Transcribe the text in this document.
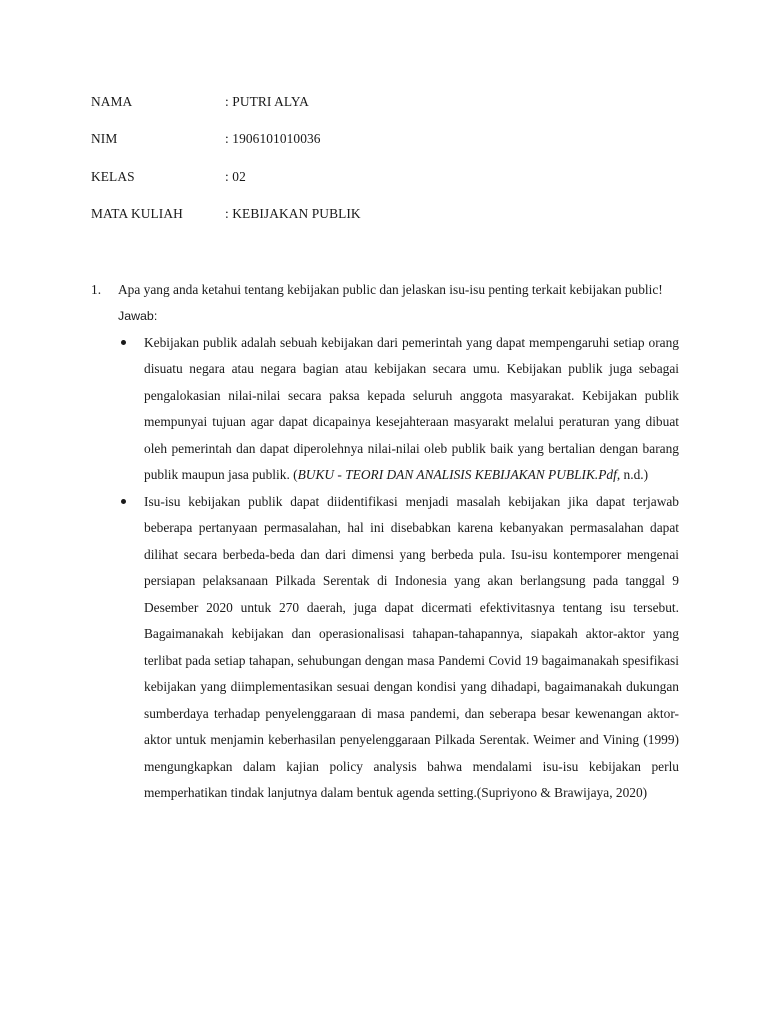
NAMA	: PUTRI ALYA
NIM	: 1906101010036
KELAS	: 02
MATA KULIAH	: KEBIJAKAN PUBLIK
1.	Apa yang anda ketahui tentang kebijakan public dan jelaskan isu-isu penting terkait kebijakan public!

Jawab:

Kebijakan publik adalah sebuah kebijakan dari pemerintah yang dapat mempengaruhi setiap orang disuatu negara atau negara bagian atau kebijakan secara umu. Kebijakan publik juga sebagai pengalokasian nilai-nilai secara paksa kepada seluruh anggota masyarakat. Kebijakan publik mempunyai tujuan agar dapat dicapainya kesejahteraan masyarakt melalui peraturan yang dibuat oleh pemerintah dan dapat diperolehnya nilai-nilai oleb publik baik yang bertalian dengan barang publik maupun jasa publik. (BUKU - TEORI DAN ANALISIS KEBIJAKAN PUBLIK.Pdf, n.d.)

Isu-isu kebijakan publik dapat diidentifikasi menjadi masalah kebijakan jika dapat terjawab beberapa pertanyaan permasalahan, hal ini disebabkan karena kebanyakan permasalahan dapat dilihat secara berbeda-beda dan dari dimensi yang berbeda pula. Isu-isu kontemporer mengenai persiapan pelaksanaan Pilkada Serentak di Indonesia yang akan berlangsung pada tanggal 9 Desember 2020 untuk 270 daerah, juga dapat dicermati efektivitasnya tentang isu tersebut. Bagaimanakah kebijakan dan operasionalisasi tahapan-tahapannya, siapakah aktor-aktor yang terlibat pada setiap tahapan, sehubungan dengan masa Pandemi Covid 19 bagaimanakah spesifikasi kebijakan yang diimplementasikan sesuai dengan kondisi yang dihadapi, bagaimanakah dukungan sumberdaya terhadap penyelenggaraan di masa pandemi, dan seberapa besar kewenangan aktor-aktor untuk menjamin keberhasilan penyelenggaraan Pilkada Serentak. Weimer and Vining (1999) mengungkapkan dalam kajian policy analysis bahwa mendalami isu-isu kebijakan perlu memperhatikan tindak lanjutnya dalam bentuk agenda setting.(Supriyono & Brawijaya, 2020)
